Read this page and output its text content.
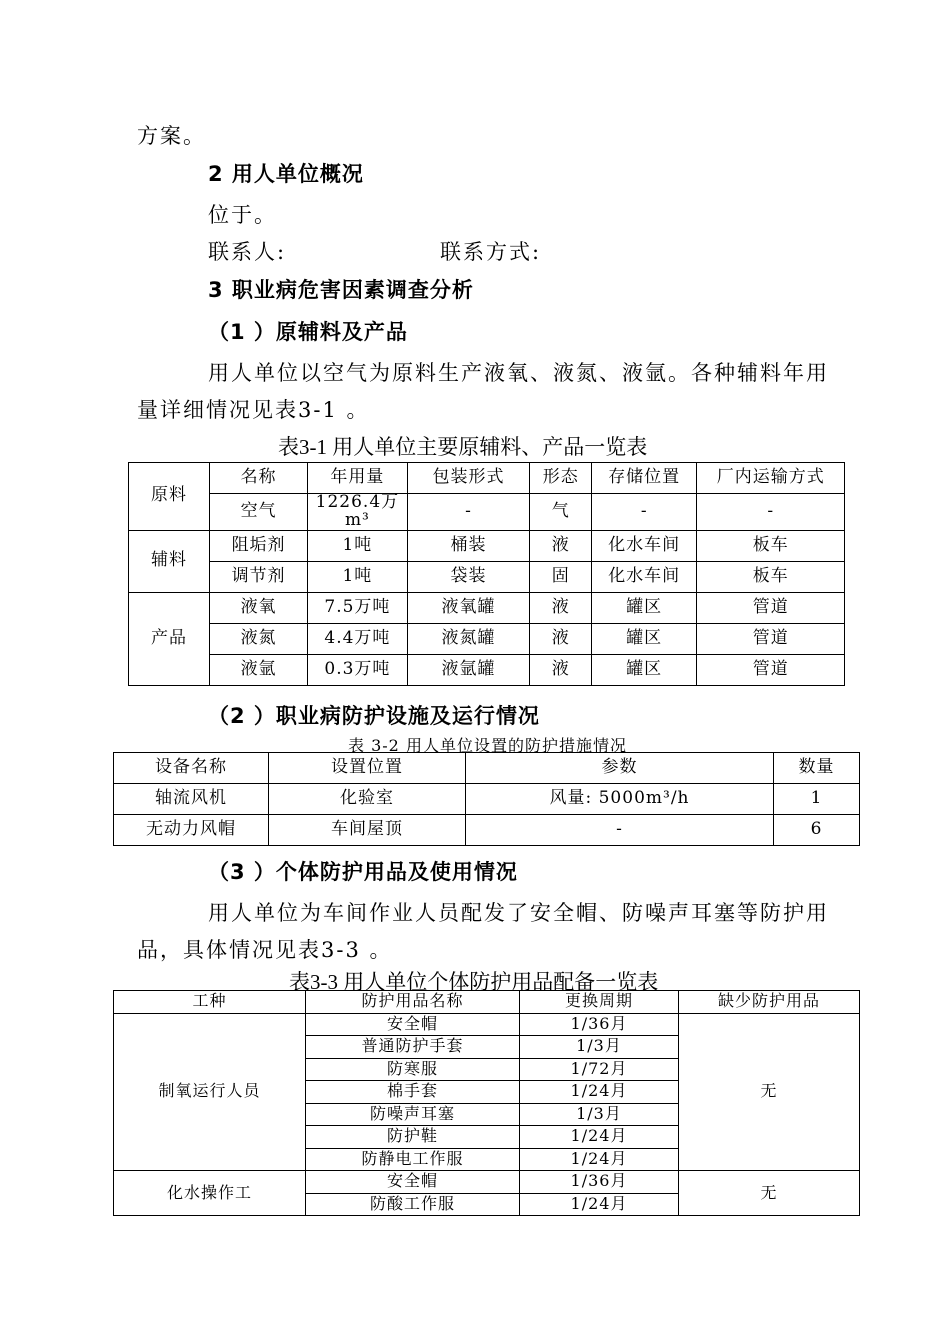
方案。
2 用人单位概况
位于。
联系人:	联系方式:
3 职业病危害因素调查分析
（1 ）原辅料及产品
用人单位以空气为原料生产液氧、液氮、液氩。各种辅料年用
量详细情况见表3-1 。
表3-1 用人单位主要原辅料、产品一览表
原料	名称	年用量	包装形式	形态	存储位置	厂内运输方式
	空气	1226.4万m³	-	气	-	-
辅料	阻垢剂	1吨	桶装	液	化水车间	板车
	调节剂	1吨	袋装	固	化水车间	板车
产品	液氧	7.5万吨	液氧罐	液	罐区	管道
	液氮	4.4万吨	液氮罐	液	罐区	管道
	液氩	0.3万吨	液氩罐	液	罐区	管道
（2 ）职业病防护设施及运行情况
表 3-2 用人单位设置的防护措施情况
设备名称	设置位置	参数	数量
轴流风机	化验室	风量: 5000m³/h	1
无动力风帽	车间屋顶	-	6
（3 ）个体防护用品及使用情况
用人单位为车间作业人员配发了安全帽、防噪声耳塞等防护用
品，具体情况见表3-3 。
表3-3 用人单位个体防护用品配备一览表
工种	防护用品名称	更换周期	缺少防护用品
制氧运行人员	安全帽	1/36月	无
	普通防护手套	1/3月	
	防寒服	1/72月	
	棉手套	1/24月	
	防噪声耳塞	1/3月	
	防护鞋	1/24月	
	防静电工作服	1/24月	
化水操作工	安全帽	1/36月	无
	防酸工作服	1/24月	
